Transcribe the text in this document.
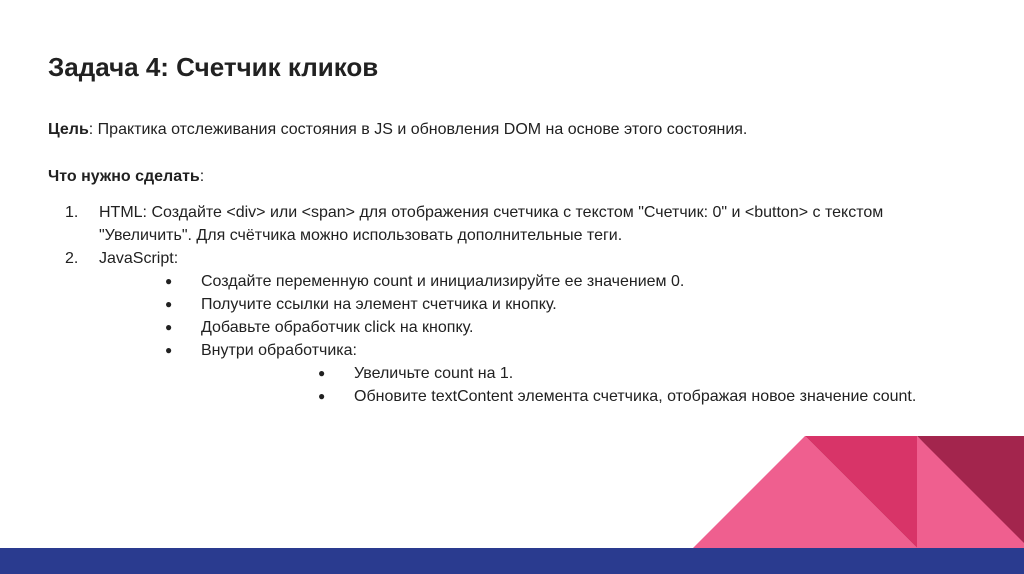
Задача 4: Счетчик кликов

Цель: Практика отслеживания состояния в JS и обновления DOM на основе этого состояния.

Что нужно сделать:

1. HTML: Создайте <div> или <span> для отображения счетчика с текстом "Счетчик: 0" и <button> с текстом
"Увеличить". Для счётчика можно использовать дополнительные теги.
2. JavaScript:
● Создайте переменную count и инициализируйте ее значением 0.
● Получите ссылки на элемент счетчика и кнопку.
● Добавьте обработчик click на кнопку.
● Внутри обработчика:
● Увеличьте count на 1.
● Обновите textContent элемента счетчика, отображая новое значение count.
